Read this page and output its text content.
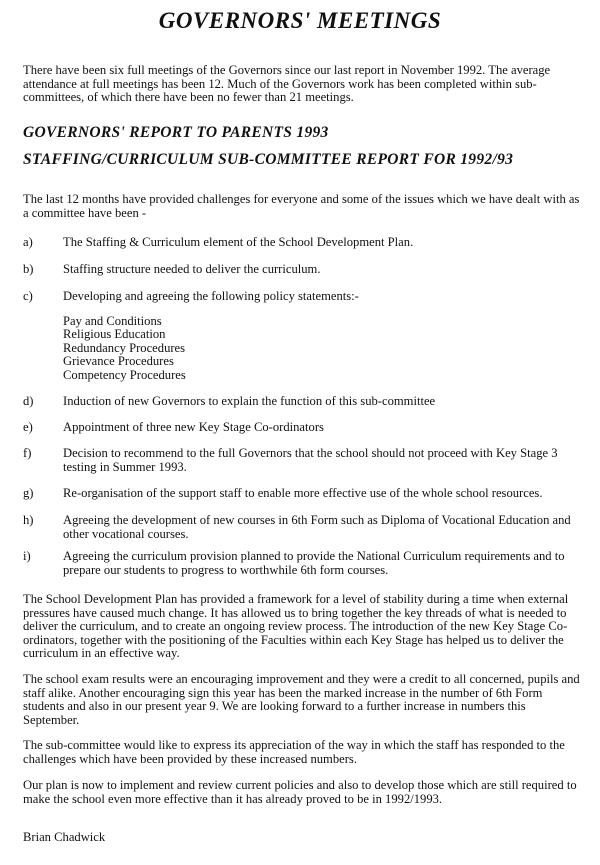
GOVERNORS' MEETINGS

There have been six full meetings of the Governors since our last report in November 1992. The average attendance at full meetings has been 12. Much of the Governors work has been completed within sub-committees, of which there have been no fewer than 21 meetings.

GOVERNORS' REPORT TO PARENTS 1993
STAFFING/CURRICULUM SUB-COMMITTEE REPORT FOR 1992/93

The last 12 months have provided challenges for everyone and some of the issues which we have dealt with as a committee have been -

a)	The Staffing & Curriculum element of the School Development Plan.
b)	Staffing structure needed to deliver the curriculum.
c)	Developing and agreeing the following policy statements:-
Pay and Conditions
Religious Education
Redundancy Procedures
Grievance Procedures
Competency Procedures
d)	Induction of new Governors to explain the function of this sub-committee
e)	Appointment of three new Key Stage Co-ordinators
f)	Decision to recommend to the full Governors that the school should not proceed with Key Stage 3 testing in Summer 1993.
g)	Re-organisation of the support staff to enable more effective use of the whole school resources.
h)	Agreeing the development of new courses in 6th Form such as Diploma of Vocational Education and other vocational courses.
i)	Agreeing the curriculum provision planned to provide the National Curriculum requirements and to prepare our students to progress to worthwhile 6th form courses.

The School Development Plan has provided a framework for a level of stability during a time when external pressures have caused much change. It has allowed us to bring together the key threads of what is needed to deliver the curriculum, and to create an ongoing review process. The introduction of the new Key Stage Co-ordinators, together with the positioning of the Faculties within each Key Stage has helped us to deliver the curriculum in an effective way.

The school exam results were an encouraging improvement and they were a credit to all concerned, pupils and staff alike. Another encouraging sign this year has been the marked increase in the number of 6th Form students and also in our present year 9. We are looking forward to a further increase in numbers this September.

The sub-committee would like to express its appreciation of the way in which the staff has responded to the challenges which have been provided by these increased numbers.

Our plan is now to implement and review current policies and also to develop those which are still required to make the school even more effective than it has already proved to be in 1992/1993.

Brian Chadwick
